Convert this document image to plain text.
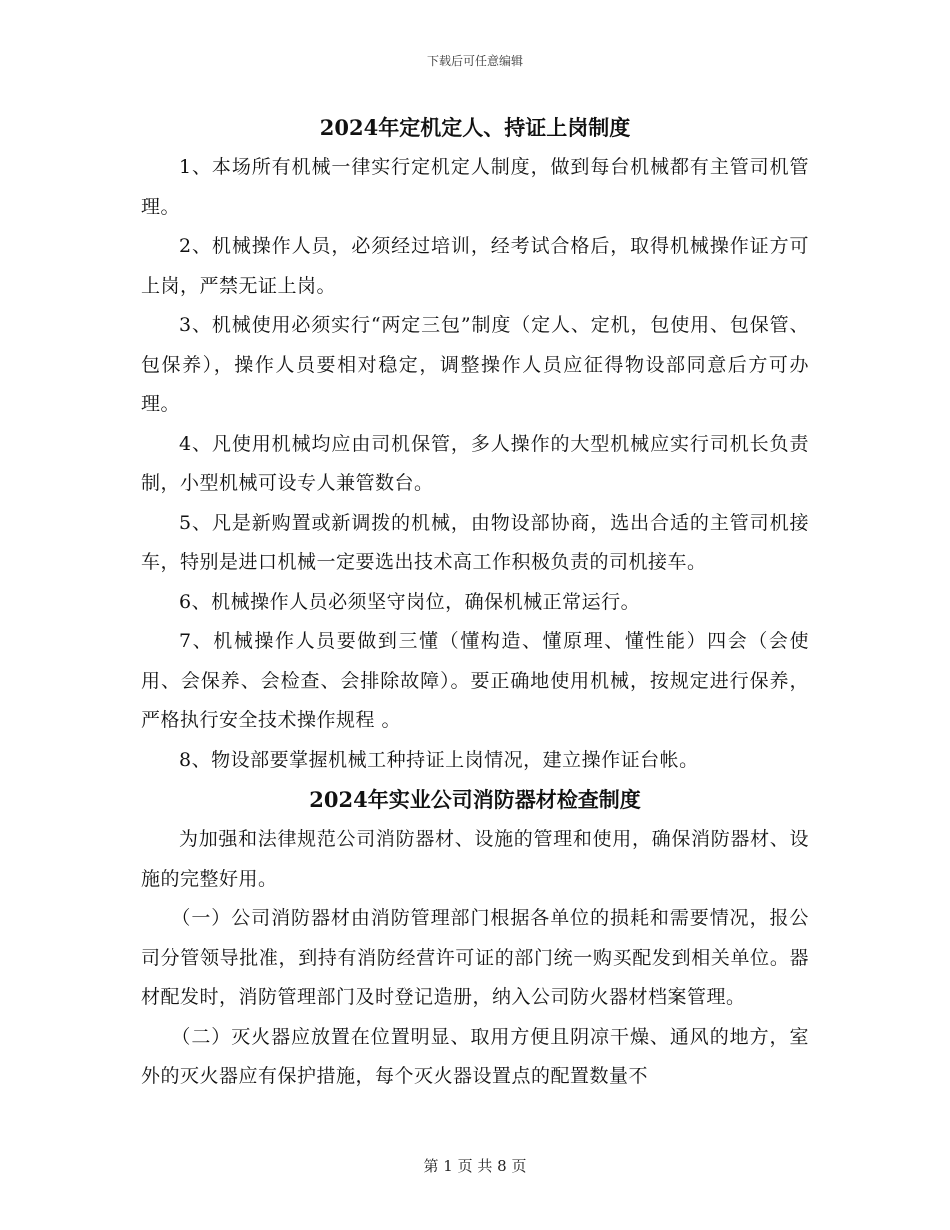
下载后可任意编辑
2024年定机定人、持证上岗制度

1、本场所有机械一律实行定机定人制度，做到每台机械都有主管司机管理。

2、机械操作人员，必须经过培训，经考试合格后，取得机械操作证方可上岗，严禁无证上岗。

3、机械使用必须实行“两定三包”制度（定人、定机，包使用、包保管、包保养），操作人员要相对稳定，调整操作人员应征得物设部同意后方可办理。

4、凡使用机械均应由司机保管，多人操作的大型机械应实行司机长负责制，小型机械可设专人兼管数台。

5、凡是新购置或新调拨的机械，由物设部协商，选出合适的主管司机接车，特别是进口机械一定要选出技术高工作积极负责的司机接车。

6、机械操作人员必须坚守岗位，确保机械正常运行。

7、机械操作人员要做到三懂（懂构造、懂原理、懂性能）四会（会使用、会保养、会检查、会排除故障）。要正确地使用机械，按规定进行保养，严格执行安全技术操作规程 。

8、物设部要掌握机械工种持证上岗情况，建立操作证台帐。

2024年实业公司消防器材检查制度

为加强和法律规范公司消防器材、设施的管理和使用，确保消防器材、设施的完整好用。

（一）公司消防器材由消防管理部门根据各单位的损耗和需要情况，报公司分管领导批准，到持有消防经营许可证的部门统一购买配发到相关单位。器材配发时，消防管理部门及时登记造册，纳入公司防火器材档案管理。

（二）灭火器应放置在位置明显、取用方便且阴凉干燥、通风的地方，室外的灭火器应有保护措施，每个灭火器设置点的配置数量不

第 1 页 共 8 页
